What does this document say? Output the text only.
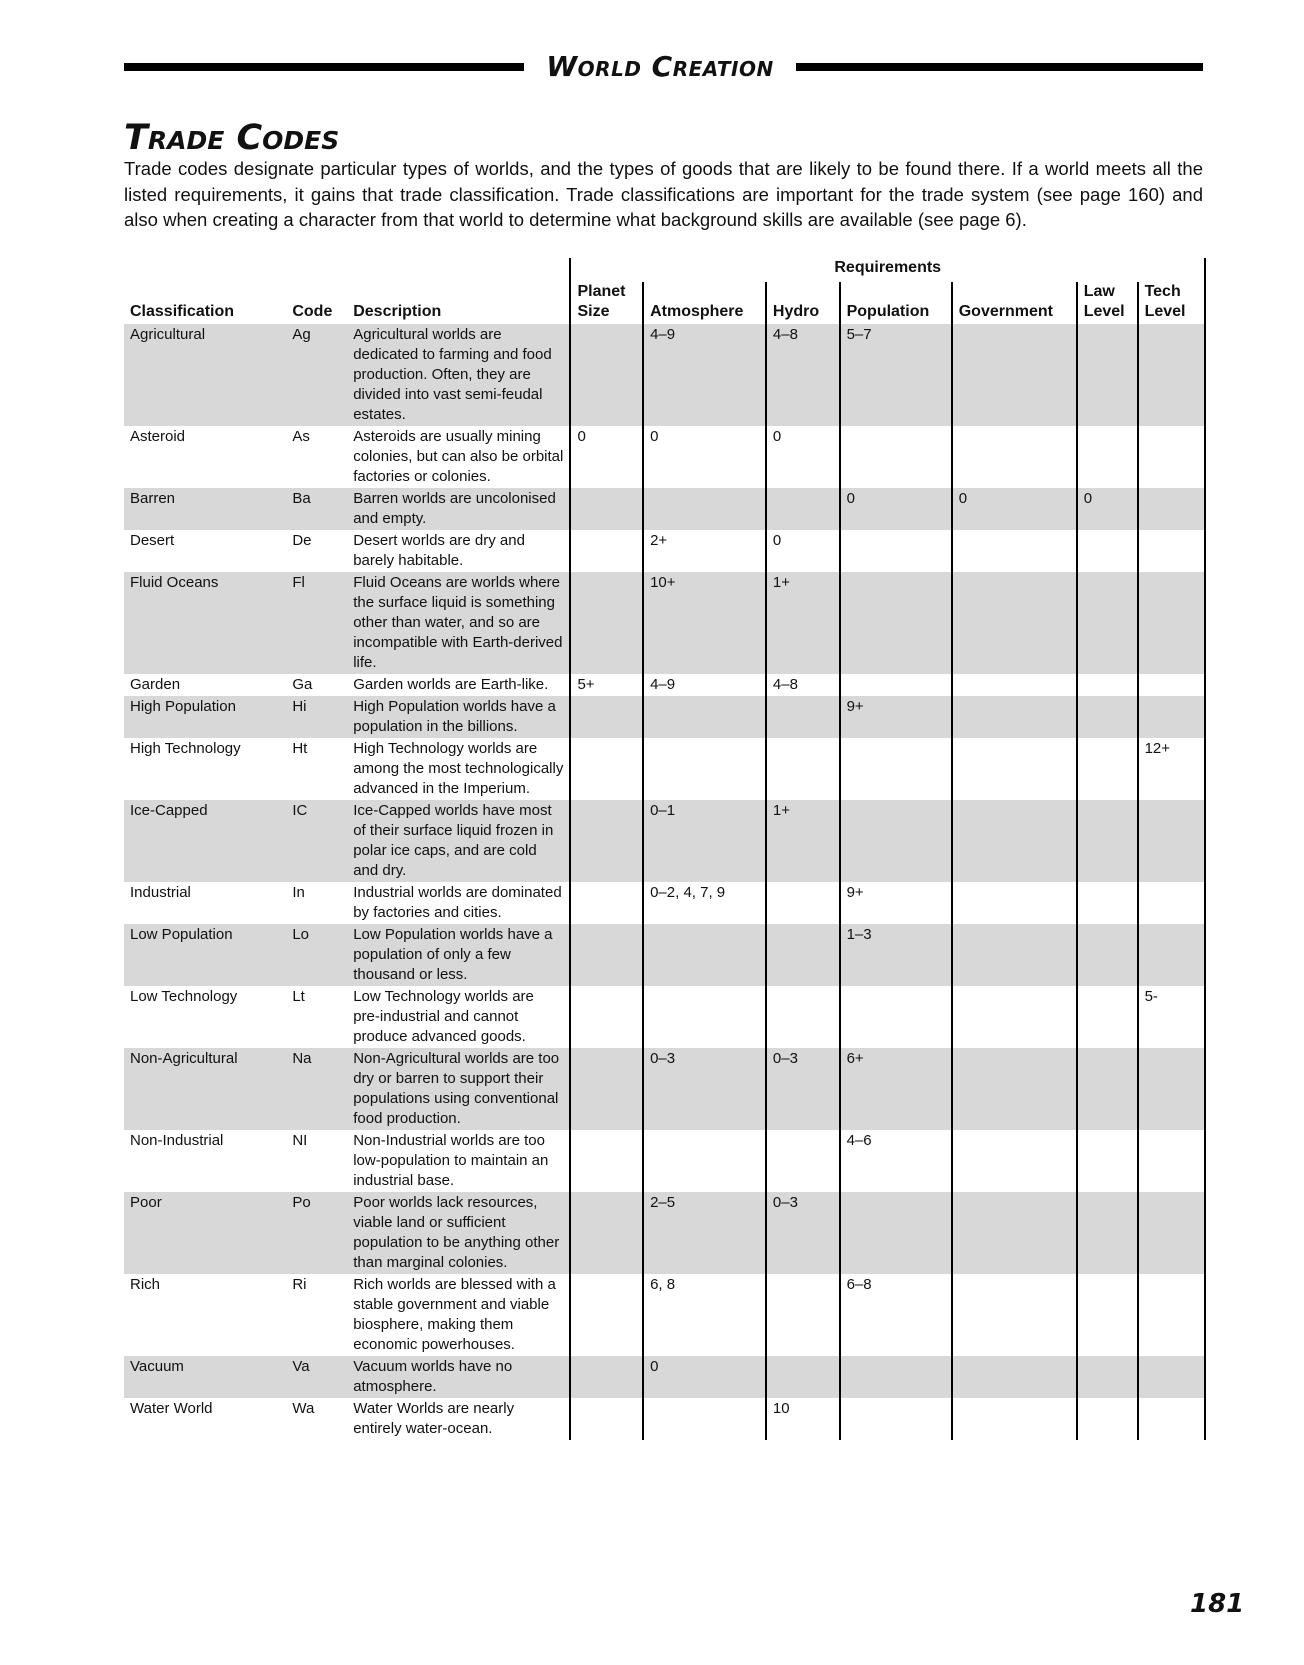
World Creation
Trade Codes

Trade codes designate particular types of worlds, and the types of goods that are likely to be found there. If a world meets all the listed requirements, it gains that trade classification. Trade classifications are important for the trade system (see page 160) and also when creating a character from that world to determine what background skills are available (see page 6).

			Requirements						
Classification	Code	Description	Planet Size	Atmosphere	Hydro	Population	Government	Law Level	Tech Level
Agricultural	Ag	Agricultural worlds are dedicated to farming and food production. Often, they are divided into vast semi-feudal estates.		4–9	4–8	5–7			
Asteroid	As	Asteroids are usually mining colonies, but can also be orbital factories or colonies.	0	0	0				
Barren	Ba	Barren worlds are uncolonised and empty.				0	0	0	
Desert	De	Desert worlds are dry and barely habitable.		2+	0				
Fluid Oceans	Fl	Fluid Oceans are worlds where the surface liquid is something other than water, and so are incompatible with Earth-derived life.		10+	1+				
Garden	Ga	Garden worlds are Earth-like.	5+	4–9	4–8				
High Population	Hi	High Population worlds have a population in the billions.				9+			
High Technology	Ht	High Technology worlds are among the most technologically advanced in the Imperium.							12+
Ice-Capped	IC	Ice-Capped worlds have most of their surface liquid frozen in polar ice caps, and are cold and dry.		0–1	1+				
Industrial	In	Industrial worlds are dominated by factories and cities.		0–2, 4, 7, 9		9+			
Low Population	Lo	Low Population worlds have a population of only a few thousand or less.				1–3			
Low Technology	Lt	Low Technology worlds are pre-industrial and cannot produce advanced goods.							5-
Non-Agricultural	Na	Non-Agricultural worlds are too dry or barren to support their populations using conventional food production.		0–3	0–3	6+			
Non-Industrial	NI	Non-Industrial worlds are too low-population to maintain an industrial base.				4–6			
Poor	Po	Poor worlds lack resources, viable land or sufficient population to be anything other than marginal colonies.		2–5	0–3				
Rich	Ri	Rich worlds are blessed with a stable government and viable biosphere, making them economic powerhouses.		6, 8		6–8			
Vacuum	Va	Vacuum worlds have no atmosphere.		0					
Water World	Wa	Water Worlds are nearly entirely water-ocean.			10				
181
